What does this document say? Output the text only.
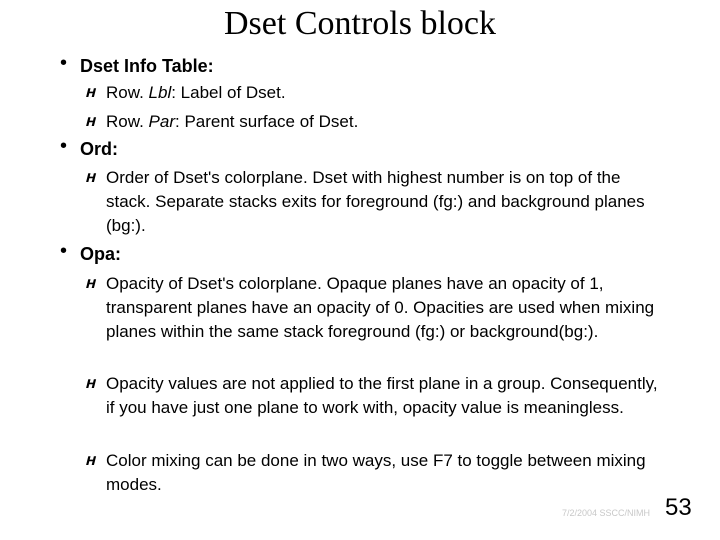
Dset Controls block
• Dset Info Table:
H Row. Lbl: Label of Dset.
H Row. Par: Parent surface of Dset.
• Ord:
H Order of Dset's colorplane. Dset with highest number is on top of the stack. Separate stacks exits for foreground (fg:) and background planes (bg:).
• Opa:
H Opacity of Dset's colorplane. Opaque planes have an opacity of 1, transparent planes have an opacity of 0. Opacities are used when mixing planes within the same stack foreground (fg:) or background(bg:).
H Opacity values are not applied to the first plane in a group. Consequently, if you have just one plane to work with, opacity value is meaningless.
H Color mixing can be done in two ways, use F7 to toggle between mixing modes.
7/2/2004 SSCC/NIMH 53
